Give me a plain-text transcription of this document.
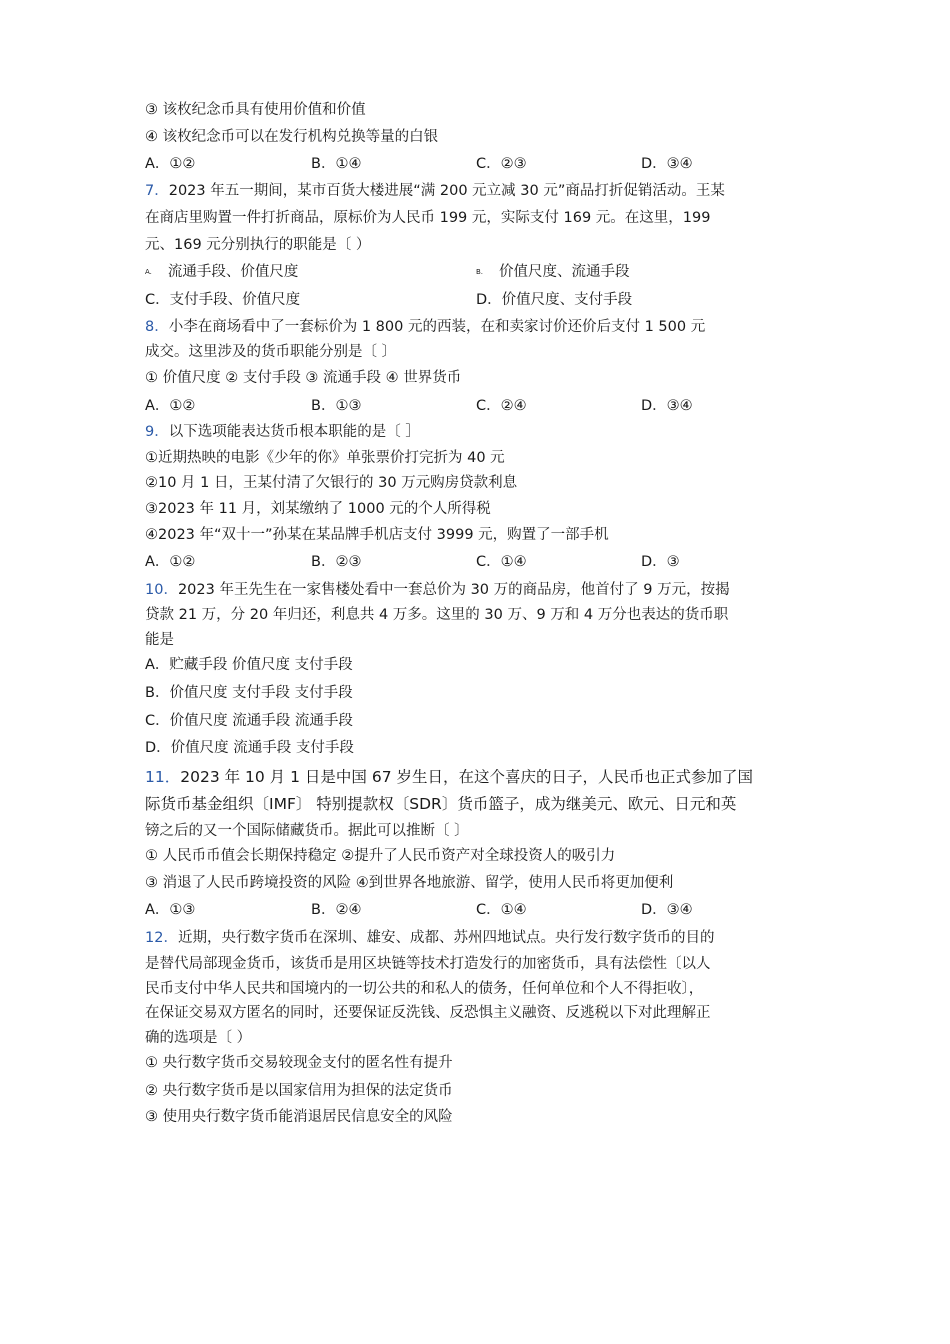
③ 该枚纪念币具有使用价值和价值
④ 该枚纪念币可以在发行机构兑换等量的白银
A．①②	B．①④	C．②③	D．③④
7．2023 年五一期间，某市百货大楼进展“满 200 元立减 30 元”商品打折促销活动。王某
在商店里购置一件打折商品，原标价为人民币 199 元，实际支付 169 元。在这里，199
元、169 元分别执行的职能是〔 ）
$^{A.}$ 流通手段、价值尺度	$^{B.}$ 价值尺度、流通手段
C．支付手段、价值尺度	D．价值尺度、支付手段
8．小李在商场看中了一套标价为 1 800 元的西装，在和卖家讨价还价后支付 1 500 元
成交。这里涉及的货币职能分别是〔 〕
① 价值尺度 ② 支付手段 ③ 流通手段 ④ 世界货币
A．①②	B．①③	C．②④	D．③④
9．以下选项能表达货币根本职能的是〔 ］
①近期热映的电影《少年的你》单张票价打完折为 40 元
②10 月 1 日，王某付清了欠银行的 30 万元购房贷款利息
③2023 年 11 月，刘某缴纳了 1000 元的个人所得税
④2023 年“双十一”孙某在某品牌手机店支付 3999 元，购置了一部手机
A．①②	B．②③	C．①④	D．③
10．2023 年王先生在一家售楼处看中一套总价为 30 万的商品房，他首付了 9 万元，按揭
贷款 21 万，分 20 年归还，利息共 4 万多。这里的 30 万、9 万和 4 万分也表达的货币职
能是
A．贮藏手段 价值尺度 支付手段
B．价值尺度 支付手段 支付手段
C．价值尺度 流通手段 流通手段
D．价值尺度 流通手段 支付手段
11．2023 年 10 月 1 日是中国 67 岁生日，在这个喜庆的日子，人民币也正式参加了国
际货币基金组织〔IMF〕 特别提款权〔SDR〕货币篮子，成为继美元、欧元、日元和英
镑之后的又一个国际储藏货币。据此可以推断〔 〕
① 人民币币值会长期保持稳定 ②提升了人民币资产对全球投资人的吸引力
③ 消退了人民币跨境投资的风险 ④到世界各地旅游、留学，使用人民币将更加便利
A．①③	B．②④	C．①④	D．③④
12．近期，央行数字货币在深圳、雄安、成都、苏州四地试点。央行发行数字货币的目的
是替代局部现金货币，该货币是用区块链等技术打造发行的加密货币，具有法偿性〔以人
民币支付中华人民共和国境内的一切公共的和私人的债务，任何单位和个人不得拒收〕，
在保证交易双方匿名的同时，还要保证反洗钱、反恐惧主义融资、反逃税以下对此理解正
确的选项是〔 ）
① 央行数字货币交易较现金支付的匿名性有提升
② 央行数字货币是以国家信用为担保的法定货币
③ 使用央行数字货币能消退居民信息安全的风险
